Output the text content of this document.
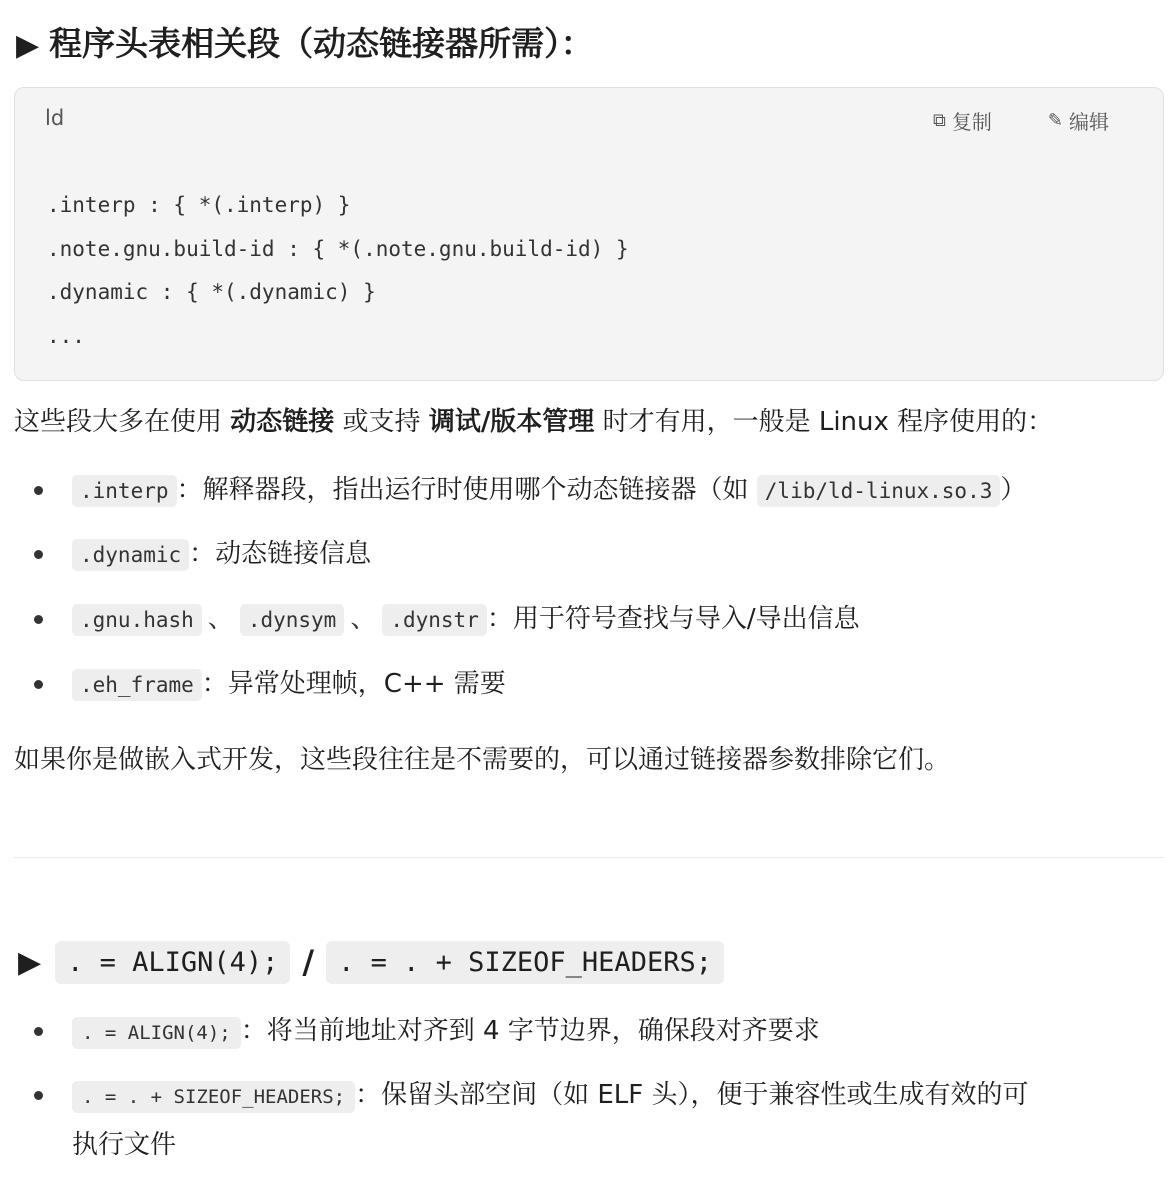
▶ 程序头表相关段（动态链接器所需）：
ld	⧉ 复制	✎ 编辑
.interp : { *(.interp) }
.note.gnu.build-id : { *(.note.gnu.build-id) }
.dynamic : { *(.dynamic) }
...
这些段大多在使用 动态链接 或支持 调试/版本管理 时才有用，一般是 Linux 程序使用的：
.interp ：解释器段，指出运行时使用哪个动态链接器（如 /lib/ld-linux.so.3 ）
.dynamic ：动态链接信息
.gnu.hash 、 .dynsym 、 .dynstr ：用于符号查找与导入/导出信息
.eh_frame ：异常处理帧，C++ 需要
如果你是做嵌入式开发，这些段往往是不需要的，可以通过链接器参数排除它们。
▶ . = ALIGN(4); / . = . + SIZEOF_HEADERS;
. = ALIGN(4); ：将当前地址对齐到 4 字节边界，确保段对齐要求
. = . + SIZEOF_HEADERS; ：保留头部空间（如 ELF 头），便于兼容性或生成有效的可
执行文件
